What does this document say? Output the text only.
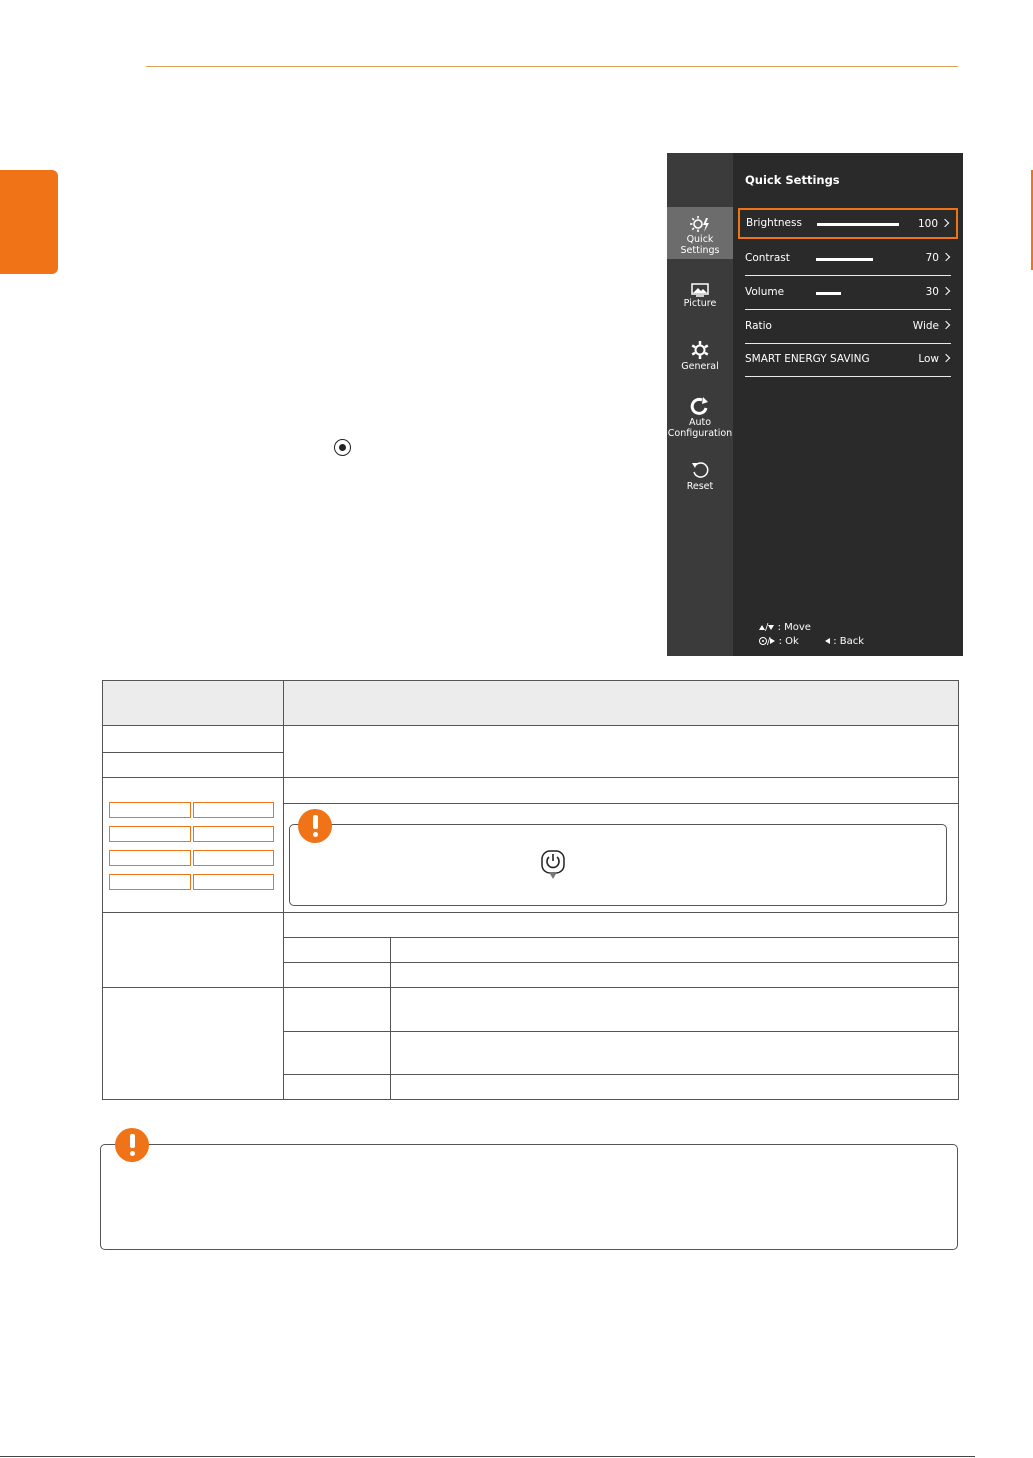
Quick
Settings
Picture
General
Auto
Configuration
Reset
Quick Settings
Brightness	100
Contrast	70
Volume	30
Ratio	Wide
SMART ENERGY SAVING	Low
/ : Move
/ : Ok	: Back
